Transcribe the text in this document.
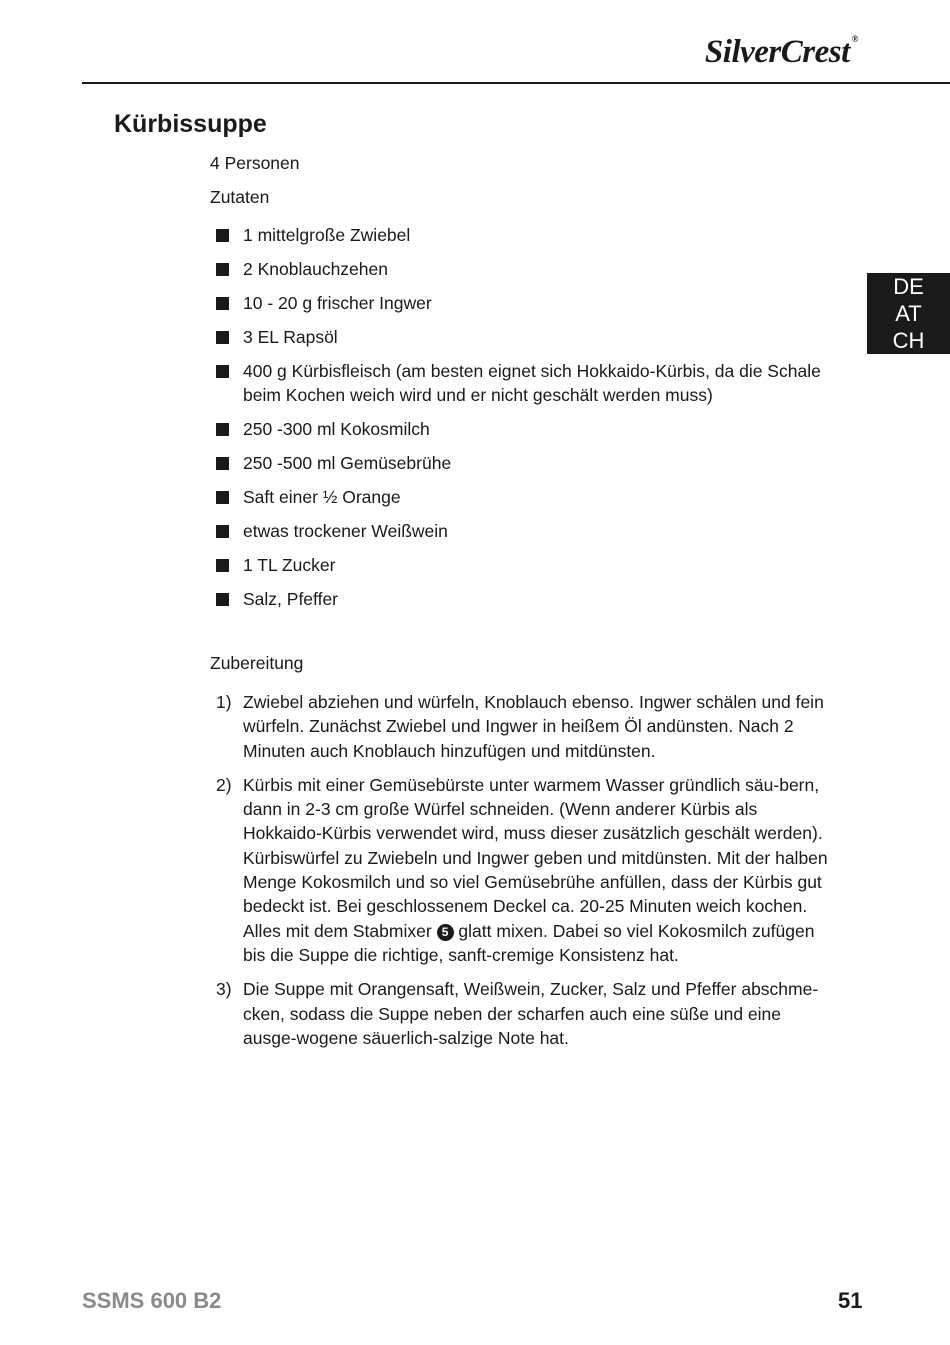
SilverCrest ®
DE
AT
CH
Kürbissuppe
4 Personen
Zutaten
1 mittelgroße Zwiebel
2 Knoblauchzehen
10 - 20 g frischer Ingwer
3 EL Rapsöl
400 g Kürbisfleisch (am besten eignet sich Hokkaido-Kürbis, da die Schale beim Kochen weich wird und er nicht geschält werden muss)
250 -300 ml Kokosmilch
250 -500 ml Gemüsebrühe
Saft einer ½ Orange
etwas trockener Weißwein
1 TL Zucker
Salz, Pfeffer
Zubereitung
1) Zwiebel abziehen und würfeln, Knoblauch ebenso. Ingwer schälen und fein würfeln. Zunächst Zwiebel und Ingwer in heißem Öl andünsten. Nach 2 Minuten auch Knoblauch hinzufügen und mitdünsten.
2) Kürbis mit einer Gemüsebürste unter warmem Wasser gründlich säu-bern, dann in 2-3 cm große Würfel schneiden. (Wenn anderer Kürbis als Hokkaido-Kürbis verwendet wird, muss dieser zusätzlich geschält werden). Kürbiswürfel zu Zwiebeln und Ingwer geben und mitdünsten. Mit der halben Menge Kokosmilch und so viel Gemüsebrühe anfüllen, dass der Kürbis gut bedeckt ist. Bei geschlossenem Deckel ca. 20-25 Minuten weich kochen. Alles mit dem Stabmixer 5 glatt mixen. Dabei so viel Kokosmilch zufügen bis die Suppe die richtige, sanft-cremige Konsistenz hat.
3) Die Suppe mit Orangensaft, Weißwein, Zucker, Salz und Pfeffer abschme-cken, sodass die Suppe neben der scharfen auch eine süße und eine ausge-wogene säuerlich-salzige Note hat.
SSMS 600 B2	51
